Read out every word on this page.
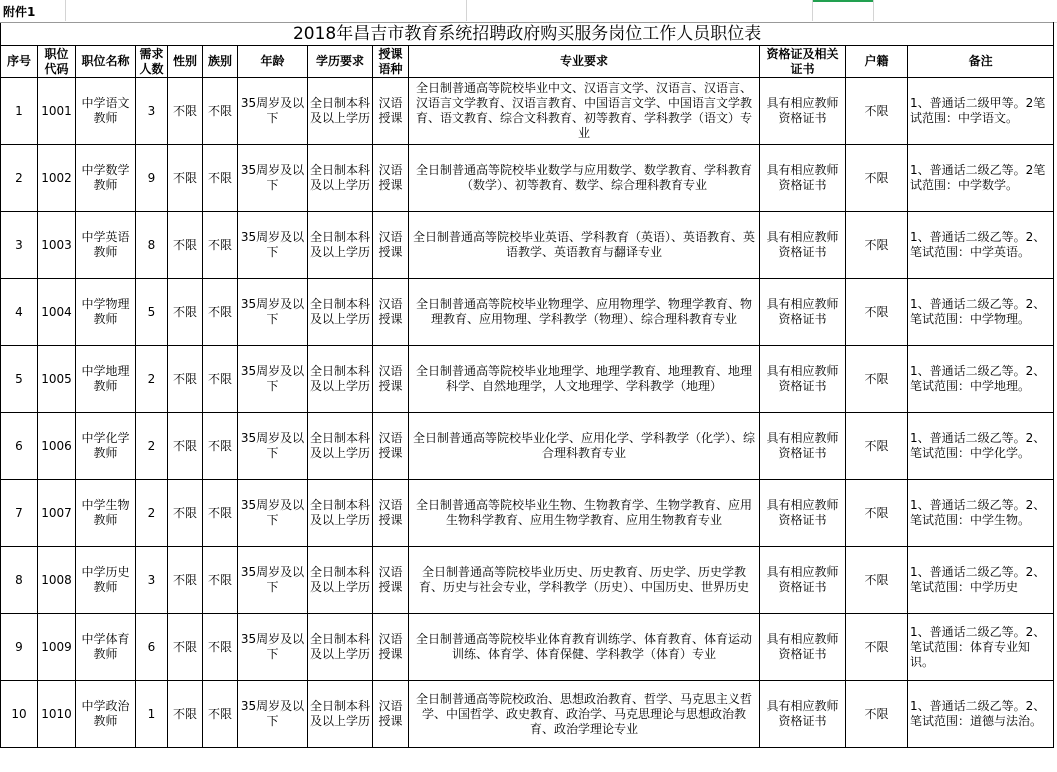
附件1
2018年昌吉市教育系统招聘政府购买服务岗位工作人员职位表												
序号	职位代码	职位名称	需求人数	性别	族别	年龄	学历要求	授课语种	专业要求	资格证及相关证书	户籍	备注
1	1001	中学语文教师	3	不限	不限	35周岁及以下	全日制本科及以上学历	汉语授课	全日制普通高等院校毕业中文、汉语言文学、汉语言、汉语言、汉语言文学教育、汉语言教育、中国语言文学、中国语言文学教育、语文教育、综合文科教育、初等教育、学科教学（语文）专业	具有相应教师资格证书	不限	1、普通话二级甲等。2笔试范围：中学语文。
2	1002	中学数学教师	9	不限	不限	35周岁及以下	全日制本科及以上学历	汉语授课	全日制普通高等院校毕业数学与应用数学、数学教育、学科教育（数学）、初等教育、数学、综合理科教育专业	具有相应教师资格证书	不限	1、普通话二级乙等。2笔试范围：中学数学。
3	1003	中学英语教师	8	不限	不限	35周岁及以下	全日制本科及以上学历	汉语授课	全日制普通高等院校毕业英语、学科教育（英语）、英语教育、英语教学、英语教育与翻译专业	具有相应教师资格证书	不限	1、普通话二级乙等。2、笔试范围：中学英语。
4	1004	中学物理教师	5	不限	不限	35周岁及以下	全日制本科及以上学历	汉语授课	全日制普通高等院校毕业物理学、应用物理学、物理学教育、物理教育、应用物理、学科教学（物理）、综合理科教育专业	具有相应教师资格证书	不限	1、普通话二级乙等。2、笔试范围：中学物理。
5	1005	中学地理教师	2	不限	不限	35周岁及以下	全日制本科及以上学历	汉语授课	全日制普通高等院校毕业地理学、地理学教育、地理教育、地理科学、自然地理学，人文地理学、学科教学（地理）	具有相应教师资格证书	不限	1、普通话二级乙等。2、笔试范围：中学地理。
6	1006	中学化学教师	2	不限	不限	35周岁及以下	全日制本科及以上学历	汉语授课	全日制普通高等院校毕业化学、应用化学、学科教学（化学）、综合理科教育专业	具有相应教师资格证书	不限	1、普通话二级乙等。2、笔试范围：中学化学。
7	1007	中学生物教师	2	不限	不限	35周岁及以下	全日制本科及以上学历	汉语授课	全日制普通高等院校毕业生物、生物教育学、生物学教育、应用生物科学教育、应用生物学教育、应用生物教育专业	具有相应教师资格证书	不限	1、普通话二级乙等。2、笔试范围：中学生物。
8	1008	中学历史教师	3	不限	不限	35周岁及以下	全日制本科及以上学历	汉语授课	全日制普通高等院校毕业历史、历史教育、历史学、历史学教育、历史与社会专业，学科教学（历史）、中国历史、世界历史	具有相应教师资格证书	不限	1、普通话二级乙等。2、笔试范围：中学历史
9	1009	中学体育教师	6	不限	不限	35周岁及以下	全日制本科及以上学历	汉语授课	全日制普通高等院校毕业体育教育训练学、体育教育、体育运动训练、体育学、体育保健、学科教学（体育）专业	具有相应教师资格证书	不限	1、普通话二级乙等。2、笔试范围：体育专业知识。
10	1010	中学政治教师	1	不限	不限	35周岁及以下	全日制本科及以上学历	汉语授课	全日制普通高等院校政治、思想政治教育、哲学、马克思主义哲学、中国哲学、政史教育、政治学、马克思理论与思想政治教育、政治学理论专业	具有相应教师资格证书	不限	1、普通话二级乙等。2、笔试范围：道德与法治。
